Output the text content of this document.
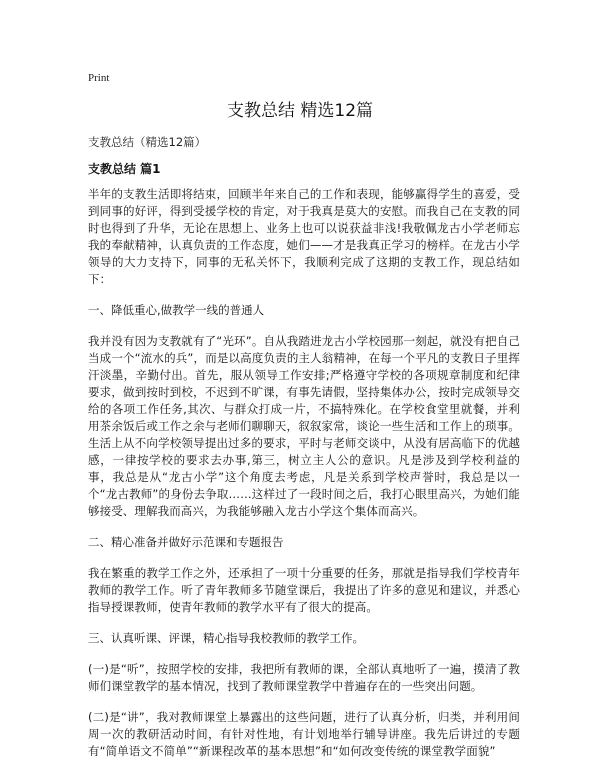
Print
支教总结 精选12篇
支教总结（精选12篇）
支教总结 篇1

半年的支教生活即将结束，回顾半年来自己的工作和表现，能够赢得学生的喜爱，受到同事的好评，得到受援学校的肯定，对于我真是莫大的安慰。而我自己在支教的同时也得到了升华，无论在思想上、业务上也可以说获益非浅!我敬佩龙古小学老师忘我的奉献精神，认真负责的工作态度，她们——才是我真正学习的榜样。在龙古小学领导的大力支持下，同事的无私关怀下，我顺利完成了这期的支教工作，现总结如下：

一、降低重心,做教学一线的普通人

我并没有因为支教就有了“光环”。自从我踏进龙古小学校园那一刻起，就没有把自己当成一个“流水的兵”，而是以高度负责的主人翁精神，在每一个平凡的支教日子里挥汗淡墨，辛勤付出。首先，服从领导工作安排;严格遵守学校的各项规章制度和纪律要求，做到按时到校，不迟到不旷课，有事先请假，坚持集体办公，按时完成领导交给的各项工作任务,其次、与群众打成一片，不搞特殊化。在学校食堂里就餐，并利用茶余饭后或工作之余与老师们聊聊天，叙叙家常，谈论一些生活和工作上的琐事。生活上从不向学校领导提出过多的要求，平时与老师交谈中，从没有居高临下的优越感，一律按学校的要求去办事,第三，树立主人公的意识。凡是涉及到学校利益的事，我总是从“龙古小学”这个角度去考虑，凡是关系到学校声誉时，我总是以一个“龙古教师”的身份去争取……这样过了一段时间之后，我打心眼里高兴，为她们能够接受、理解我而高兴，为我能够融入龙古小学这个集体而高兴。

二、精心准备并做好示范课和专题报告

我在繁重的教学工作之外，还承担了一项十分重要的任务，那就是指导我们学校青年教师的教学工作。听了青年教师多节随堂课后，我提出了许多的意见和建议，并悉心指导授课教师，使青年教师的教学水平有了很大的提高。

三、认真听课、评课，精心指导我校教师的教学工作。

(一)是“听”，按照学校的安排，我把所有教师的课，全部认真地听了一遍，摸清了教师们课堂教学的基本情况，找到了教师课堂教学中普遍存在的一些突出问题。

(二)是“讲”，我对教师课堂上暴露出的这些问题，进行了认真分析，归类，并利用间周一次的教研活动时间，有针对性地，有计划地举行辅导讲座。我先后讲过的专题有“简单语文不简单”“新课程改革的基本思想”和“如何改变传统的课堂教学面貌”
